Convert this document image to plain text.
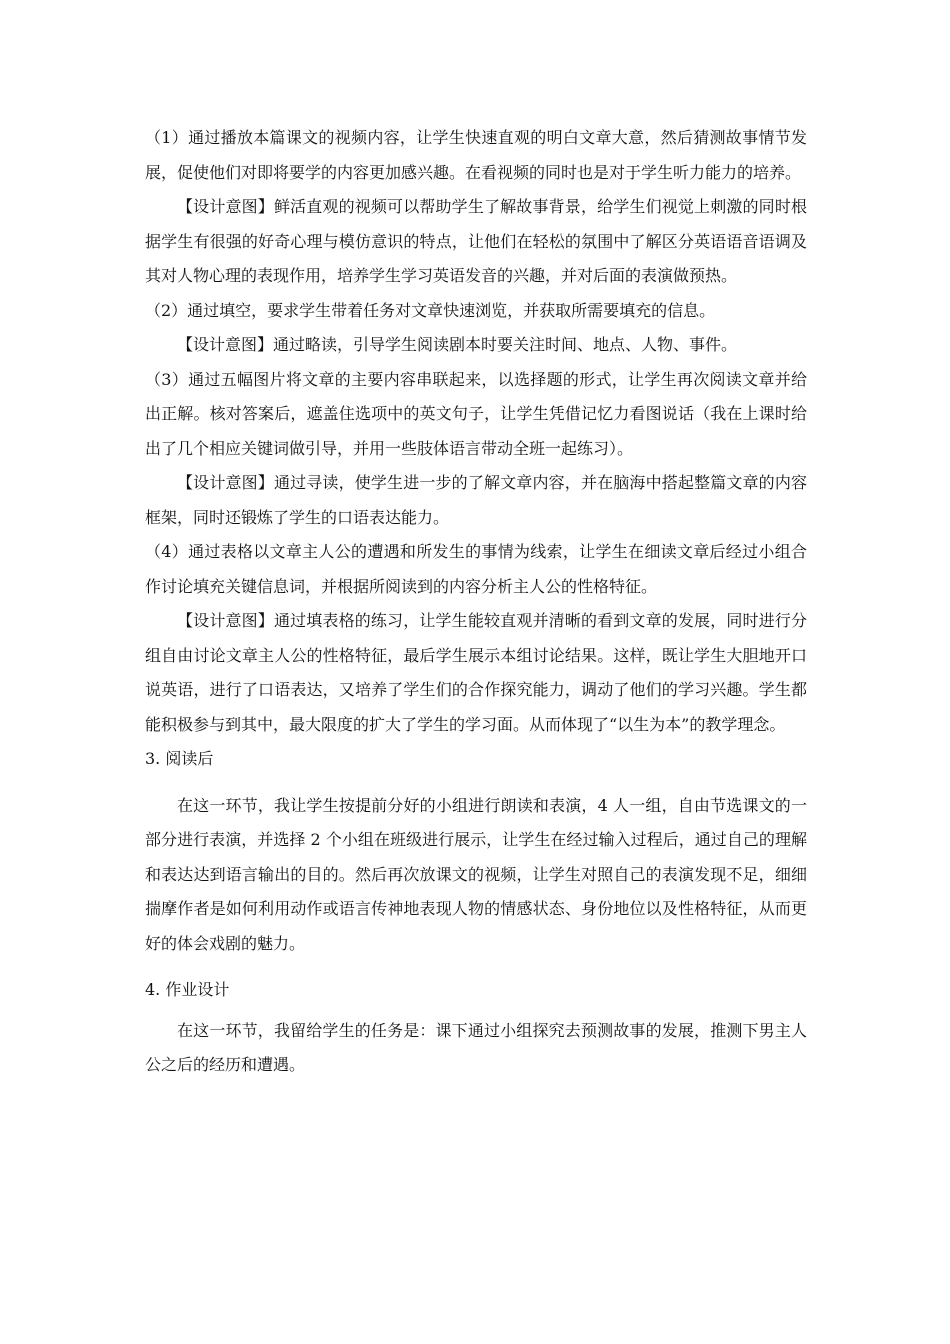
（1）通过播放本篇课文的视频内容，让学生快速直观的明白文章大意，然后猜测故事情节发展，促使他们对即将要学的内容更加感兴趣。在看视频的同时也是对于学生听力能力的培养。

【设计意图】鲜活直观的视频可以帮助学生了解故事背景，给学生们视觉上刺激的同时根据学生有很强的好奇心理与模仿意识的特点，让他们在轻松的氛围中了解区分英语语音语调及其对人物心理的表现作用，培养学生学习英语发音的兴趣，并对后面的表演做预热。

（2）通过填空，要求学生带着任务对文章快速浏览，并获取所需要填充的信息。

【设计意图】通过略读，引导学生阅读剧本时要关注时间、地点、人物、事件。

（3）通过五幅图片将文章的主要内容串联起来，以选择题的形式，让学生再次阅读文章并给出正解。核对答案后，遮盖住选项中的英文句子，让学生凭借记忆力看图说话（我在上课时给出了几个相应关键词做引导，并用一些肢体语言带动全班一起练习）。

【设计意图】通过寻读，使学生进一步的了解文章内容，并在脑海中搭起整篇文章的内容框架，同时还锻炼了学生的口语表达能力。

（4）通过表格以文章主人公的遭遇和所发生的事情为线索，让学生在细读文章后经过小组合作讨论填充关键信息词，并根据所阅读到的内容分析主人公的性格特征。

【设计意图】通过填表格的练习，让学生能较直观并清晰的看到文章的发展，同时进行分组自由讨论文章主人公的性格特征，最后学生展示本组讨论结果。这样，既让学生大胆地开口说英语，进行了口语表达，又培养了学生们的合作探究能力，调动了他们的学习兴趣。学生都能积极参与到其中，最大限度的扩大了学生的学习面。从而体现了“以生为本”的教学理念。

3. 阅读后

在这一环节，我让学生按提前分好的小组进行朗读和表演，4 人一组，自由节选课文的一部分进行表演，并选择 2 个小组在班级进行展示，让学生在经过输入过程后，通过自己的理解和表达达到语言输出的目的。然后再次放课文的视频，让学生对照自己的表演发现不足，细细揣摩作者是如何利用动作或语言传神地表现人物的情感状态、身份地位以及性格特征，从而更好的体会戏剧的魅力。

4. 作业设计

在这一环节，我留给学生的任务是：课下通过小组探究去预测故事的发展，推测下男主人公之后的经历和遭遇。
